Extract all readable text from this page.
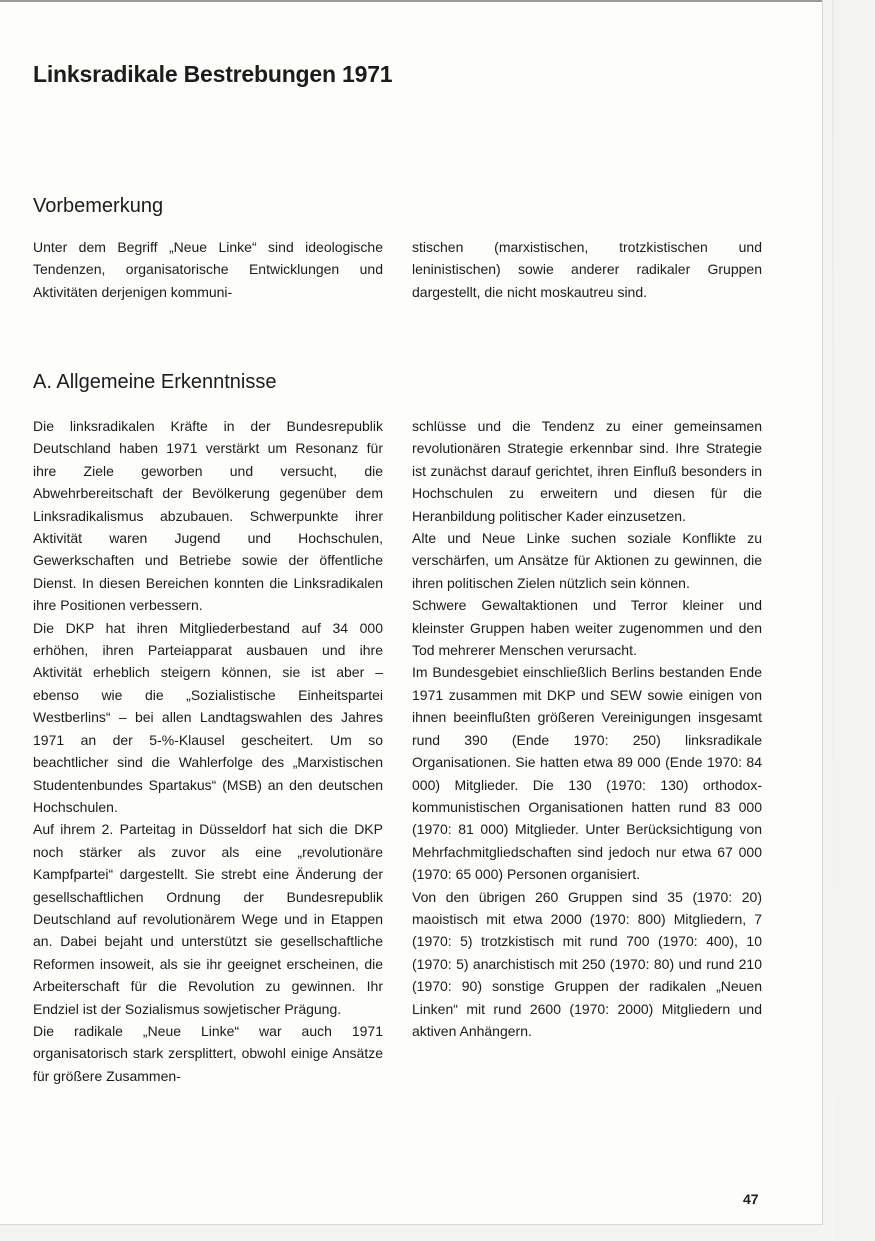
Linksradikale Bestrebungen 1971
Vorbemerkung

Unter dem Begriff „Neue Linke“ sind ideologische Tendenzen, organisatorische Entwicklungen und Aktivitäten derjenigen kommuni-

stischen (marxistischen, trotzkistischen und leninistischen) sowie anderer radikaler Gruppen dargestellt, die nicht moskautreu sind.

A. Allgemeine Erkenntnisse

Die linksradikalen Kräfte in der Bundesrepublik Deutschland haben 1971 verstärkt um Resonanz für ihre Ziele geworben und versucht, die Abwehrbereitschaft der Bevölkerung gegenüber dem Linksradikalismus abzubauen. Schwerpunkte ihrer Aktivität waren Jugend und Hochschulen, Gewerkschaften und Betriebe sowie der öffentliche Dienst. In diesen Bereichen konnten die Linksradikalen ihre Positionen verbessern.

Die DKP hat ihren Mitgliederbestand auf 34 000 erhöhen, ihren Parteiapparat ausbauen und ihre Aktivität erheblich steigern können, sie ist aber – ebenso wie die „Sozialistische Einheitspartei Westberlins“ – bei allen Landtagswahlen des Jahres 1971 an der 5-%-Klausel gescheitert. Um so beachtlicher sind die Wahlerfolge des „Marxistischen Studentenbundes Spartakus“ (MSB) an den deutschen Hochschulen.

Auf ihrem 2. Parteitag in Düsseldorf hat sich die DKP noch stärker als zuvor als eine „revolutionäre Kampfpartei“ dargestellt. Sie strebt eine Änderung der gesellschaftlichen Ordnung der Bundesrepublik Deutschland auf revolutionärem Wege und in Etappen an. Dabei bejaht und unterstützt sie gesellschaftliche Reformen insoweit, als sie ihr geeignet erscheinen, die Arbeiterschaft für die Revolution zu gewinnen. Ihr Endziel ist der Sozialismus sowjetischer Prägung.

Die radikale „Neue Linke“ war auch 1971 organisatorisch stark zersplittert, obwohl einige Ansätze für größere Zusammen-

schlüsse und die Tendenz zu einer gemeinsamen revolutionären Strategie erkennbar sind. Ihre Strategie ist zunächst darauf gerichtet, ihren Einfluß besonders in Hochschulen zu erweitern und diesen für die Heranbildung politischer Kader einzusetzen.

Alte und Neue Linke suchen soziale Konflikte zu verschärfen, um Ansätze für Aktionen zu gewinnen, die ihren politischen Zielen nützlich sein können.

Schwere Gewaltaktionen und Terror kleiner und kleinster Gruppen haben weiter zugenommen und den Tod mehrerer Menschen verursacht.

Im Bundesgebiet einschließlich Berlins bestanden Ende 1971 zusammen mit DKP und SEW sowie einigen von ihnen beeinflußten größeren Vereinigungen insgesamt rund 390 (Ende 1970: 250) linksradikale Organisationen. Sie hatten etwa 89 000 (Ende 1970: 84 000) Mitglieder. Die 130 (1970: 130) orthodox-kommunistischen Organisationen hatten rund 83 000 (1970: 81 000) Mitglieder. Unter Berücksichtigung von Mehrfachmitgliedschaften sind jedoch nur etwa 67 000 (1970: 65 000) Personen organisiert.

Von den übrigen 260 Gruppen sind 35 (1970: 20) maoistisch mit etwa 2000 (1970: 800) Mitgliedern, 7 (1970: 5) trotzkistisch mit rund 700 (1970: 400), 10 (1970: 5) anarchistisch mit 250 (1970: 80) und rund 210 (1970: 90) sonstige Gruppen der radikalen „Neuen Linken“ mit rund 2600 (1970: 2000) Mitgliedern und aktiven Anhängern.

47
